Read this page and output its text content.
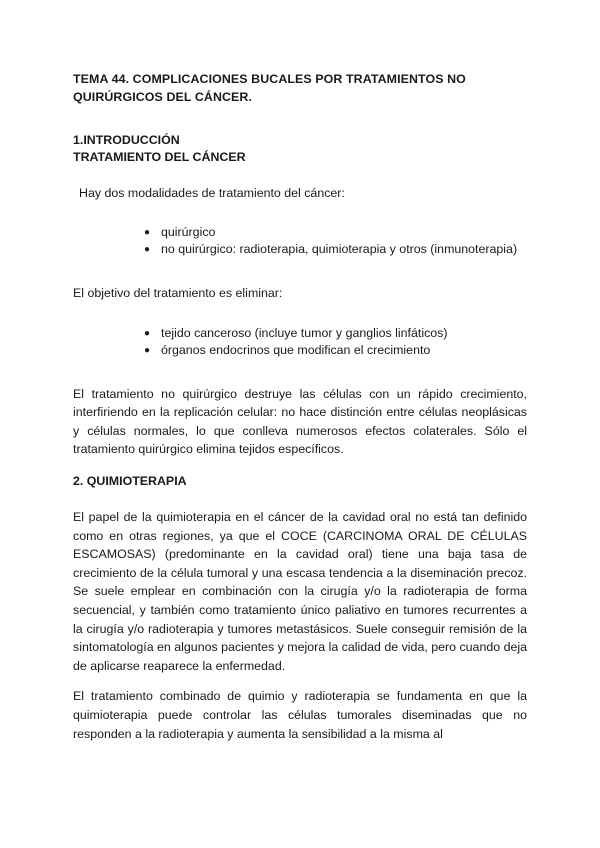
TEMA 44. COMPLICACIONES BUCALES POR TRATAMIENTOS NO
QUIRÚRGICOS DEL CÁNCER.

1.INTRODUCCIÓN

TRATAMIENTO DEL CÁNCER

Hay dos modalidades de tratamiento del cáncer:

● quirúrgico
● no quirúrgico: radioterapia, quimioterapia y otros (inmunoterapia)

El objetivo del tratamiento es eliminar:

● tejido canceroso (incluye tumor y ganglios linfáticos)
● órganos endocrinos que modifican el crecimiento

El tratamiento no quirúrgico destruye las células con un rápido crecimiento, interfiriendo en la replicación celular: no hace distinción entre células neoplásicas y células normales, lo que conlleva numerosos efectos colaterales. Sólo el tratamiento quirúrgico elimina tejidos específicos.

2. QUIMIOTERAPIA

El papel de la quimioterapia en el cáncer de la cavidad oral no está tan definido como en otras regiones, ya que el COCE (CARCINOMA ORAL DE CÉLULAS ESCAMOSAS) (predominante en la cavidad oral) tiene una baja tasa de crecimiento de la célula tumoral y una escasa tendencia a la diseminación precoz. Se suele emplear en combinación con la cirugía y/o la radioterapia de forma secuencial, y también como tratamiento único paliativo en tumores recurrentes a la cirugía y/o radioterapia y tumores metastásicos. Suele conseguir remisión de la sintomatología en algunos pacientes y mejora la calidad de vida, pero cuando deja de aplicarse reaparece la enfermedad.

El tratamiento combinado de quimio y radioterapia se fundamenta en que la quimioterapia puede controlar las células tumorales diseminadas que no responden a la radioterapia y aumenta la sensibilidad a la misma al
